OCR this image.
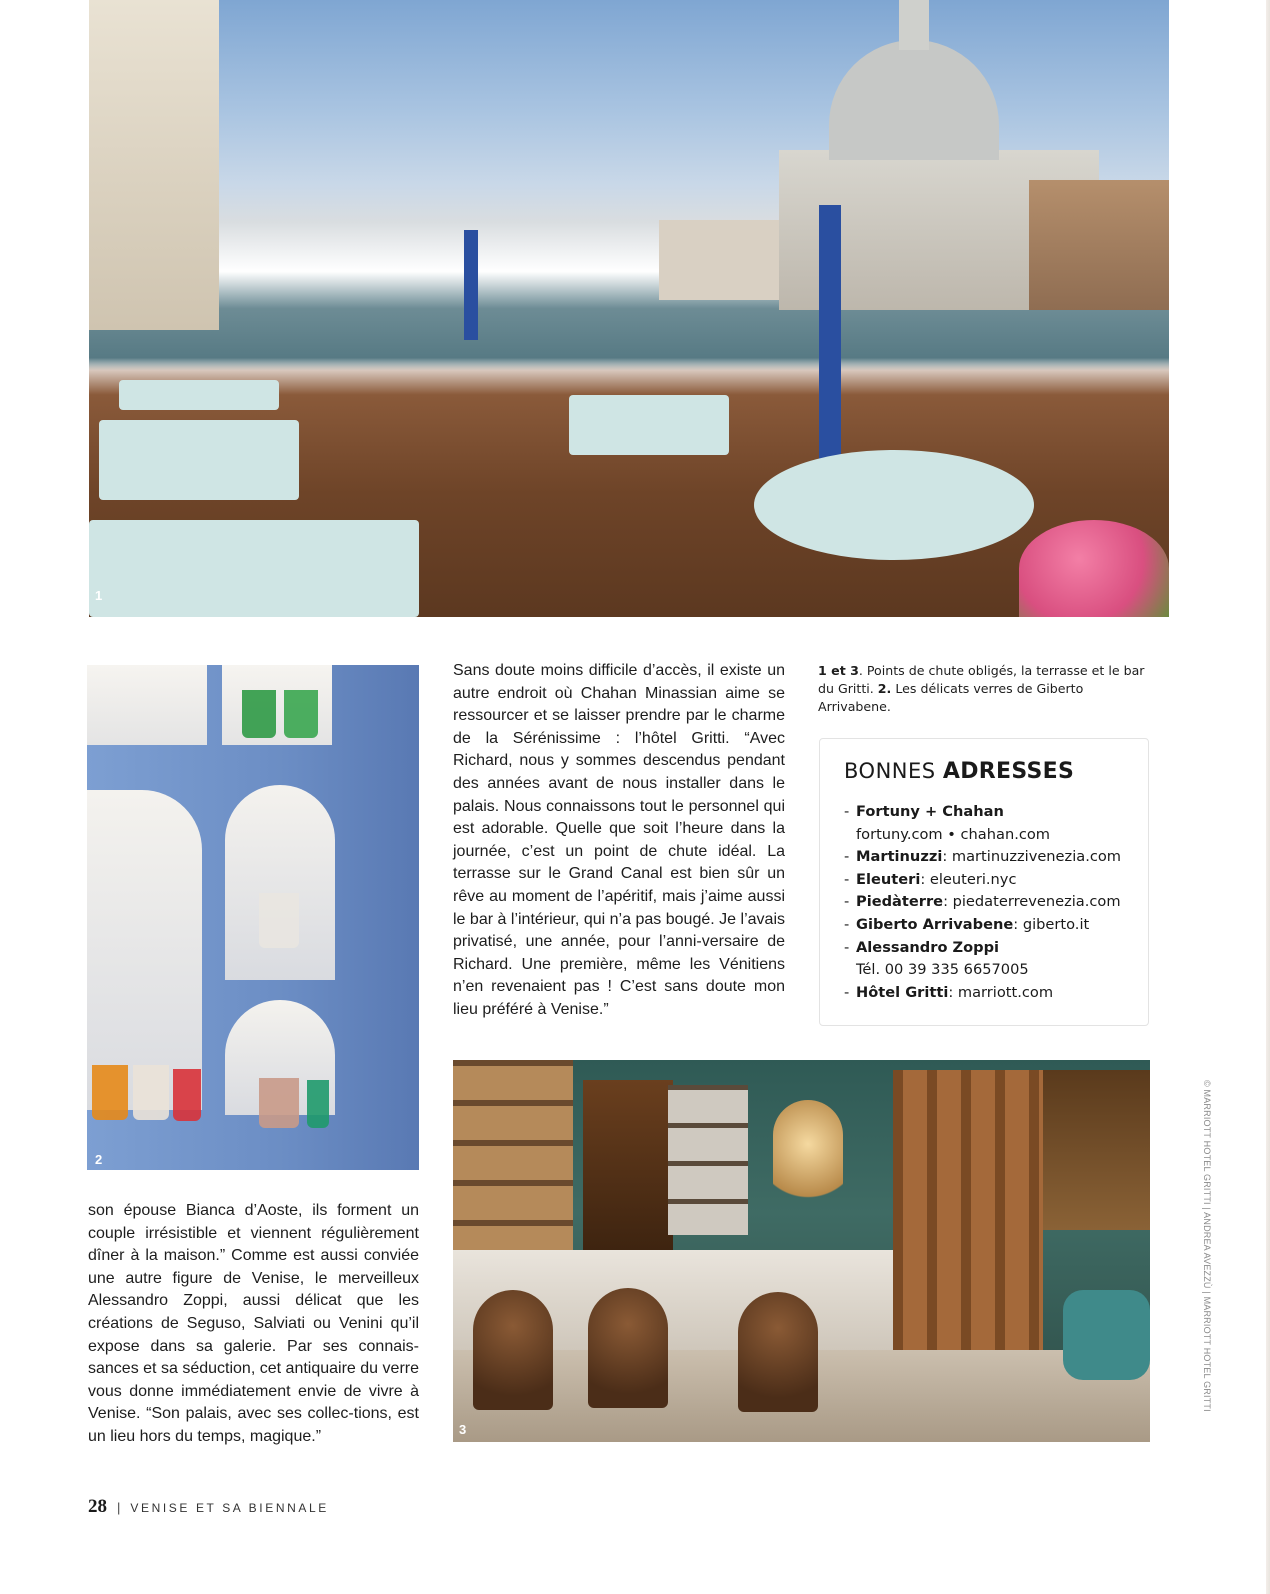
1
2

Sans doute moins difficile d’accès, il existe un autre endroit où Chahan Minassian aime se ressourcer et se laisser prendre par le charme de la Sérénissime : l’hôtel Gritti. “Avec Richard, nous y sommes descendus pendant des années avant de nous installer dans le palais. Nous connaissons tout le personnel qui est adorable. Quelle que soit l’heure dans la journée, c’est un point de chute idéal. La terrasse sur le Grand Canal est bien sûr un rêve au moment de l’apéritif, mais j’aime aussi le bar à l’intérieur, qui n’a pas bougé. Je l’avais privatisé, une année, pour l’anni-versaire de Richard. Une première, même les Vénitiens n’en revenaient pas ! C’est sans doute mon lieu préféré à Venise.”

1 et 3. Points de chute obligés, la terrasse et le bar du Gritti. 2. Les délicats verres de Giberto Arrivabene.
BONNES ADRESSES
- Fortuny + Chahan
fortuny.com • chahan.com
- Martinuzzi: martinuzzivenezia.com
- Eleuteri: eleuteri.nyc
- Piedàterre: piedaterrevenezia.com
- Giberto Arrivabene: giberto.it
- Alessandro Zoppi
Tél. 00 39 335 6657005
- Hôtel Gritti: marriott.com
3

son épouse Bianca d’Aoste, ils forment un couple irrésistible et viennent régulièrement dîner à la maison.” Comme est aussi conviée une autre figure de Venise, le merveilleux Alessandro Zoppi, aussi délicat que les créations de Seguso, Salviati ou Venini qu’il expose dans sa galerie. Par ses connais-sances et sa séduction, cet antiquaire du verre vous donne immédiatement envie de vivre à Venise. “Son palais, avec ses collec-tions, est un lieu hors du temps, magique.”

© MARRIOTT HOTEL GRITTI | ANDREA AVEZZÙ | MARRIOTT HOTEL GRITTI
28 | VENISE ET SA BIENNALE
